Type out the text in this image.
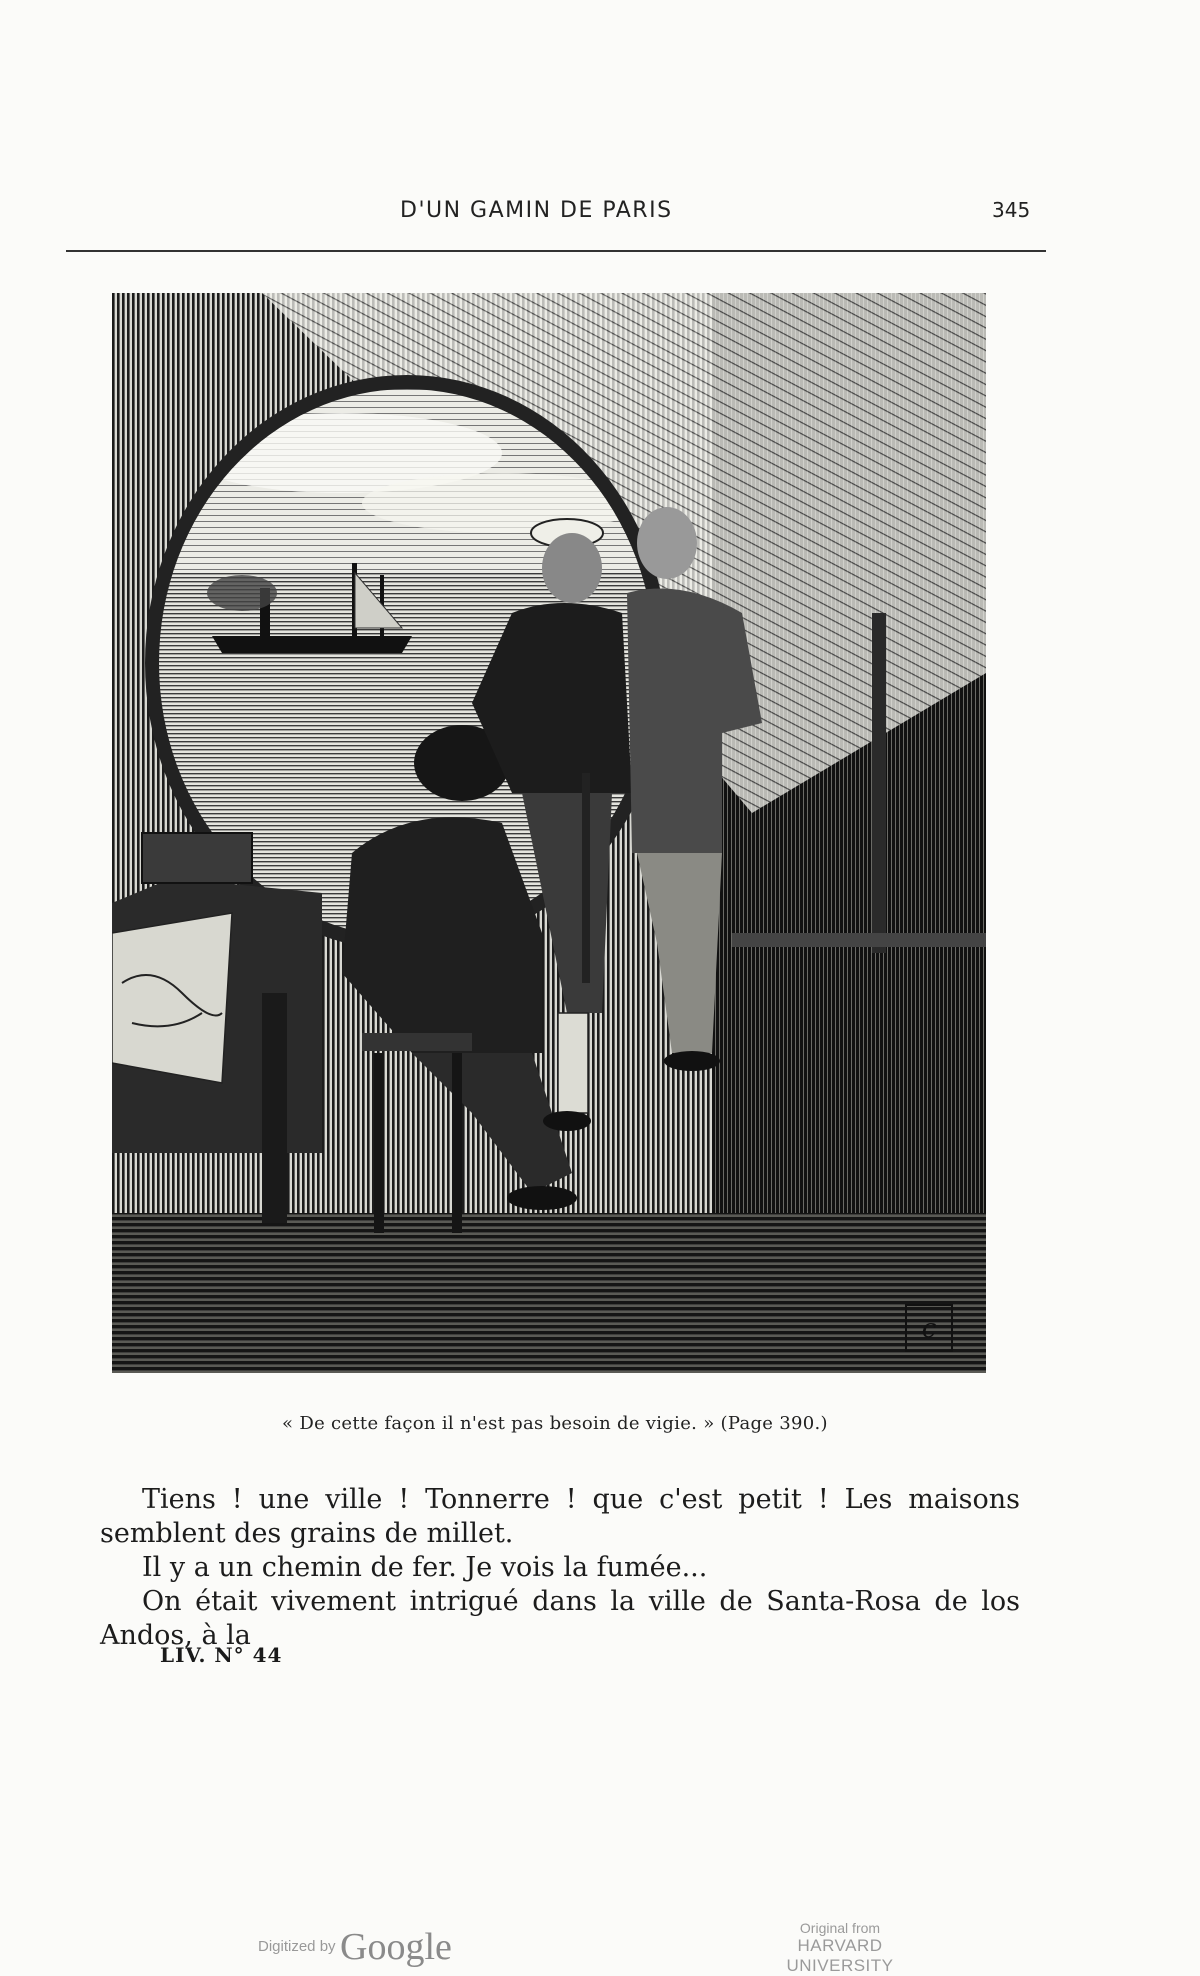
D'UN GAMIN DE PARIS	345
c
« De cette façon il n'est pas besoin de vigie. » (Page 390.)

Tiens ! une ville ! Tonnerre ! que c'est petit ! Les maisons semblent des grains de millet.

Il y a un chemin de fer. Je vois la fumée...

On était vivement intrigué dans la ville de Santa-Rosa de los Andos, à la

LIV. N° 44
Digitized by Google	Original from
HARVARD UNIVERSITY
